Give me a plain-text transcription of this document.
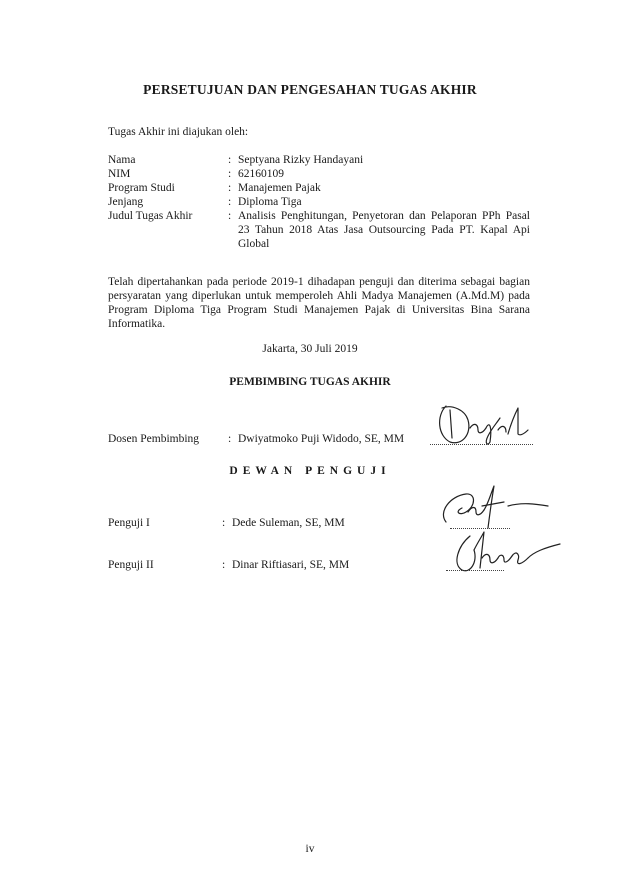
PERSETUJUAN DAN PENGESAHAN TUGAS AKHIR
Tugas Akhir ini diajukan oleh:
Nama	: Septyana Rizky Handayani
NIM	: 62160109
Program Studi	: Manajemen Pajak
Jenjang	: Diploma Tiga
Judul Tugas Akhir	: Analisis Penghitungan, Penyetoran dan Pelaporan PPh Pasal 23 Tahun 2018 Atas Jasa Outsourcing Pada PT. Kapal Api Global
Telah dipertahankan pada periode 2019-1 dihadapan penguji dan diterima sebagai bagian persyaratan yang diperlukan untuk memperoleh Ahli Madya Manajemen (A.Md.M) pada Program Diploma Tiga Program Studi Manajemen Pajak di Universitas Bina Sarana Informatika.
Jakarta, 30 Juli 2019
PEMBIMBING TUGAS AKHIR
Dosen Pembimbing	: Dwiyatmoko Puji Widodo, SE, MM
DEWAN PENGUJI
Penguji I	: Dede Suleman, SE, MM
Penguji II	: Dinar Riftiasari, SE, MM
iv
